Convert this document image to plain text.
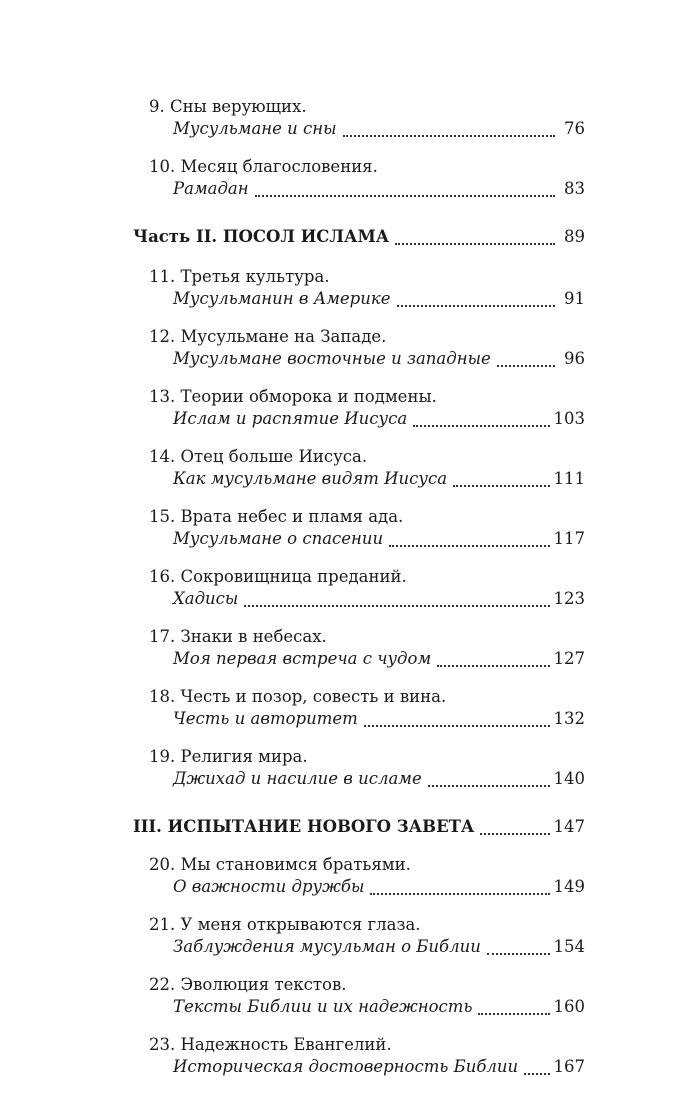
9. Сны верующих.
Мусульмане и сны	76
10. Месяц благословения.
Рамадан	83
Часть II. ПОСОЛ ИСЛАМА	89
11. Третья культура.
Мусульманин в Америке	91
12. Мусульмане на Западе.
Мусульмане восточные и западные	96
13. Теории обморока и подмены.
Ислам и распятие Иисуса	103
14. Отец больше Иисуса.
Как мусульмане видят Иисуса	111
15. Врата небес и пламя ада.
Мусульмане о спасении	117
16. Сокровищница преданий.
Хадисы	123
17. Знаки в небесах.
Моя первая встреча с чудом	127
18. Честь и позор, совесть и вина.
Честь и авторитет	132
19. Религия мира.
Джихад и насилие в исламе	140
III. ИСПЫТАНИЕ НОВОГО ЗАВЕТА	147
20. Мы становимся братьями.
О важности дружбы	149
21. У меня открываются глаза.
Заблуждения мусульман о Библии	154
22. Эволюция текстов.
Тексты Библии и их надежность	160
23. Надежность Евангелий.
Историческая достоверность Библии 167
